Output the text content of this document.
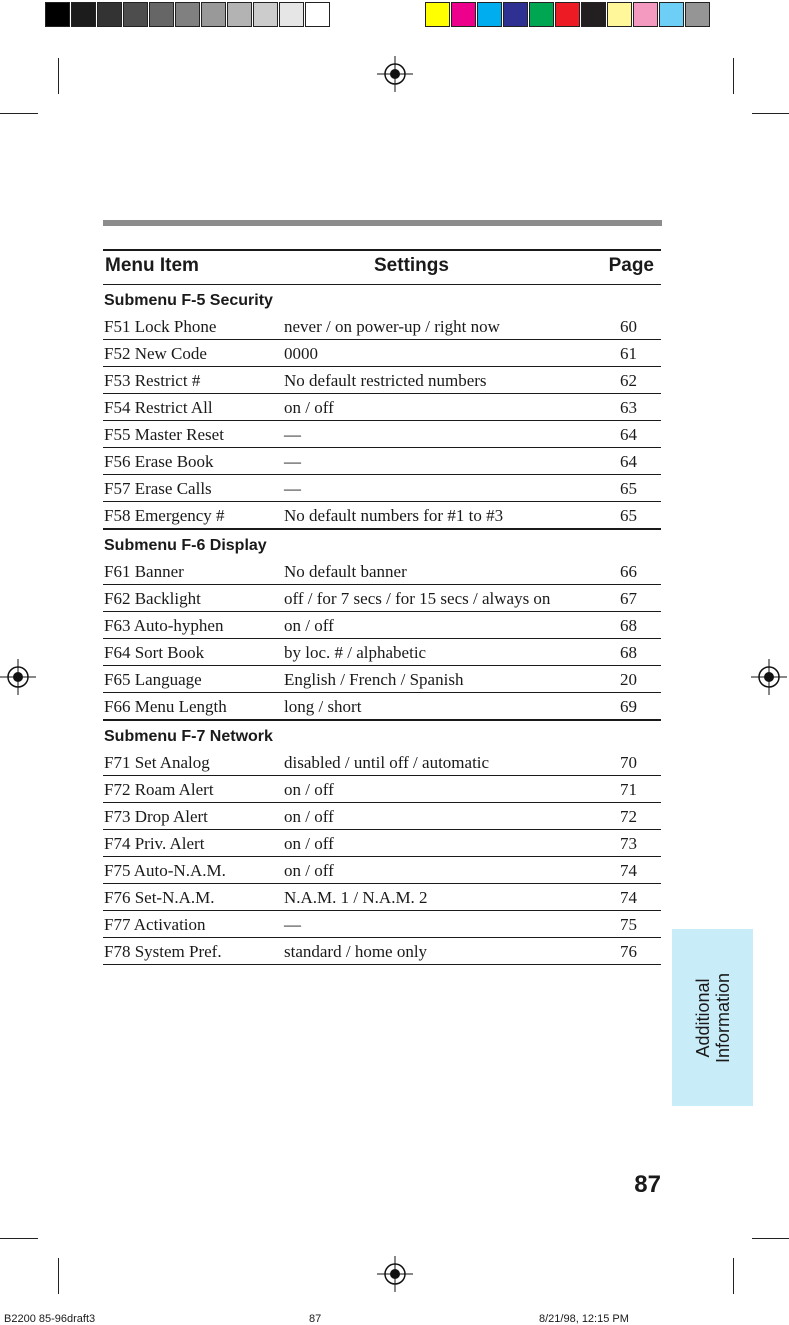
Menu Item	Settings	Page
Submenu F-5 Security
F51 Lock Phone	never / on power-up / right now	60
F52 New Code	0000	61
F53 Restrict #	No default restricted numbers	62
F54 Restrict All	on / off	63
F55 Master Reset	—	64
F56 Erase Book	—	64
F57 Erase Calls	—	65
F58 Emergency #	No default numbers for #1 to #3	65
Submenu F-6 Display
F61 Banner	No default banner	66
F62 Backlight	off / for 7 secs / for 15 secs / always on	67
F63 Auto-hyphen	on / off	68
F64 Sort Book	by loc. # / alphabetic	68
F65 Language	English / French / Spanish	20
F66 Menu Length	long / short	69
Submenu F-7 Network
F71 Set Analog	disabled / until off / automatic	70
F72 Roam Alert	on / off	71
F73 Drop Alert	on / off	72
F74 Priv. Alert	on / off	73
F75 Auto-N.A.M.	on / off	74
F76 Set-N.A.M.	N.A.M. 1 / N.A.M. 2	74
F77 Activation	—	75
F78 System Pref.	standard / home only	76
Additional Information
87
B2200 85-96draft3	87	8/21/98, 12:15 PM
